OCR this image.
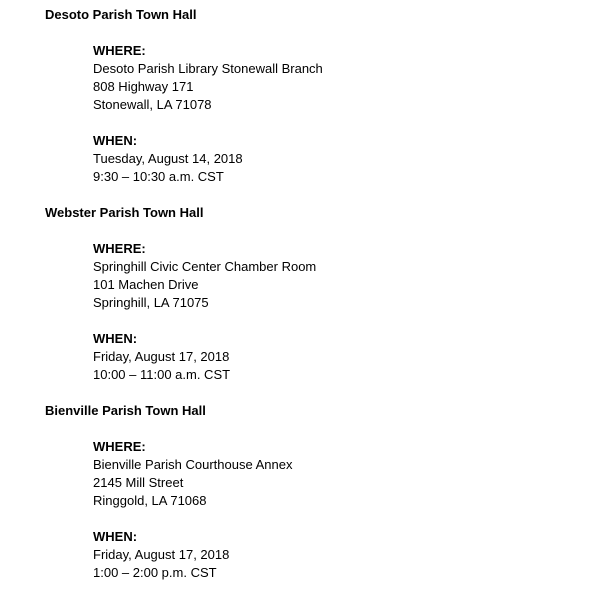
Desoto Parish Town Hall
WHERE:
Desoto Parish Library Stonewall Branch
808 Highway 171
Stonewall, LA 71078
WHEN:
Tuesday, August 14, 2018
9:30 – 10:30 a.m. CST
Webster Parish Town Hall
WHERE:
Springhill Civic Center Chamber Room
101 Machen Drive
Springhill, LA 71075
WHEN:
Friday, August 17, 2018
10:00 – 11:00 a.m. CST
Bienville Parish Town Hall
WHERE:
Bienville Parish Courthouse Annex
2145 Mill Street
Ringgold, LA 71068
WHEN:
Friday, August 17, 2018
1:00 – 2:00 p.m. CST
